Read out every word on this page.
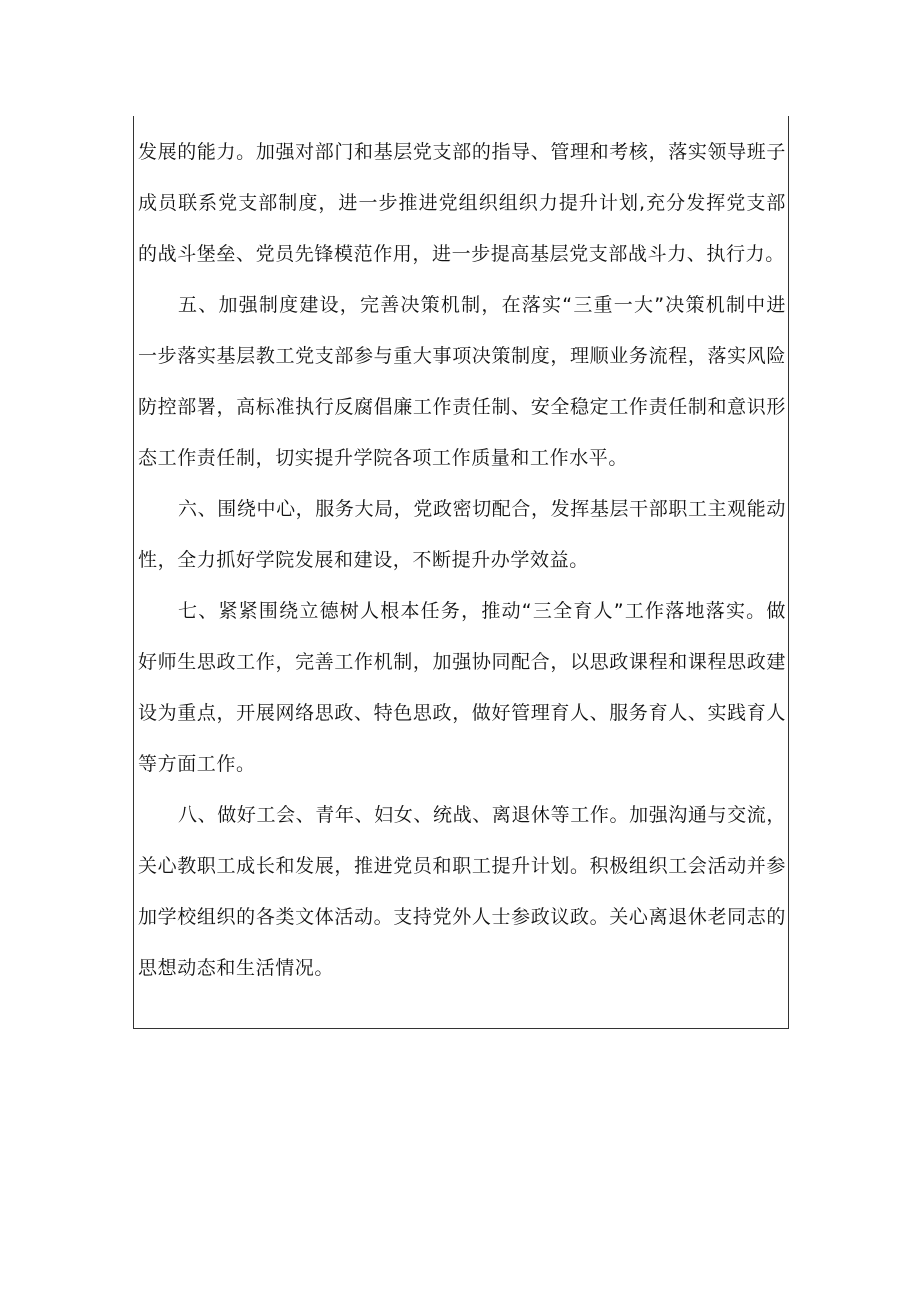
发展的能力。加强对部门和基层党支部的指导、管理和考核，落实领导班子成员联系党支部制度，进一步推进党组织组织力提升计划,充分发挥党支部的战斗堡垒、党员先锋模范作用，进一步提高基层党支部战斗力、执行力。

五、加强制度建设，完善决策机制，在落实“三重一大”决策机制中进一步落实基层教工党支部参与重大事项决策制度，理顺业务流程，落实风险防控部署，高标准执行反腐倡廉工作责任制、安全稳定工作责任制和意识形态工作责任制，切实提升学院各项工作质量和工作水平。

六、围绕中心，服务大局，党政密切配合，发挥基层干部职工主观能动性，全力抓好学院发展和建设，不断提升办学效益。

七、紧紧围绕立德树人根本任务，推动“三全育人”工作落地落实。做好师生思政工作，完善工作机制，加强协同配合，以思政课程和课程思政建设为重点，开展网络思政、特色思政，做好管理育人、服务育人、实践育人等方面工作。

八、做好工会、青年、妇女、统战、离退休等工作。加强沟通与交流，关心教职工成长和发展，推进党员和职工提升计划。积极组织工会活动并参加学校组织的各类文体活动。支持党外人士参政议政。关心离退休老同志的思想动态和生活情况。
